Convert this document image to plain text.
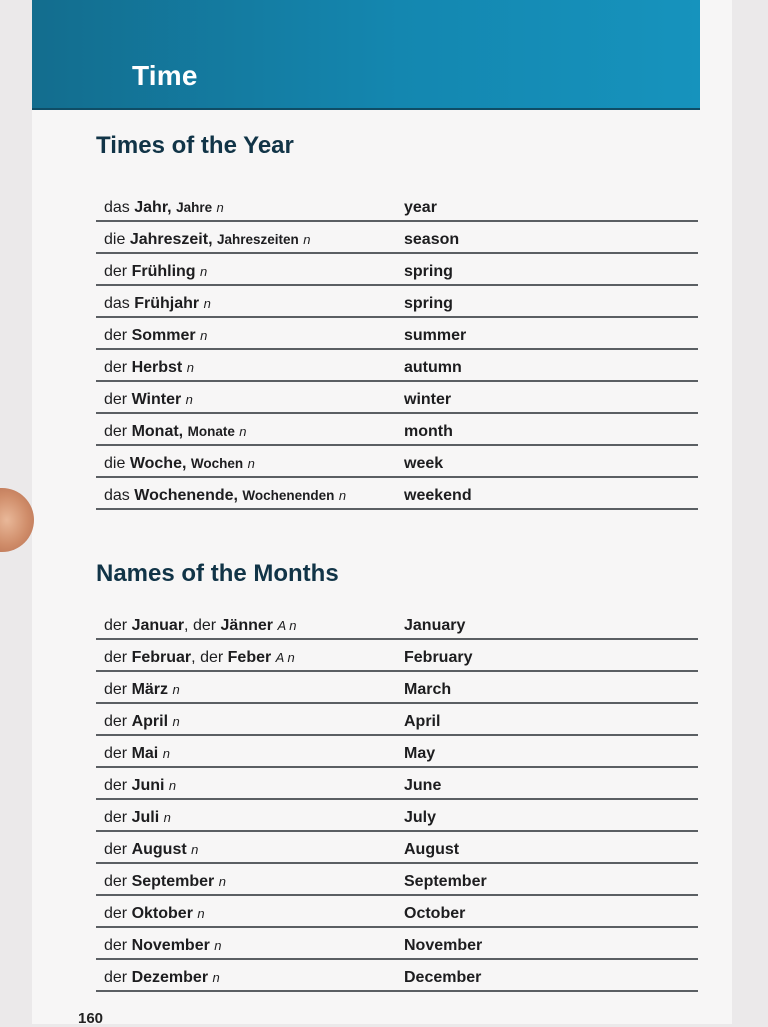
Time
Times of the Year
das Jahr, Jahre n	year
die Jahreszeit, Jahreszeiten n	season
der Frühling n	spring
das Frühjahr n	spring
der Sommer n	summer
der Herbst n	autumn
der Winter n	winter
der Monat, Monate n	month
die Woche, Wochen n	week
das Wochenende, Wochenenden n	weekend
Names of the Months
der Januar, der Jänner A n	January
der Februar, der Feber A n	February
der März n	March
der April n	April
der Mai n	May
der Juni n	June
der Juli n	July
der August n	August
der September n	September
der Oktober n	October
der November n	November
der Dezember n	December

160
